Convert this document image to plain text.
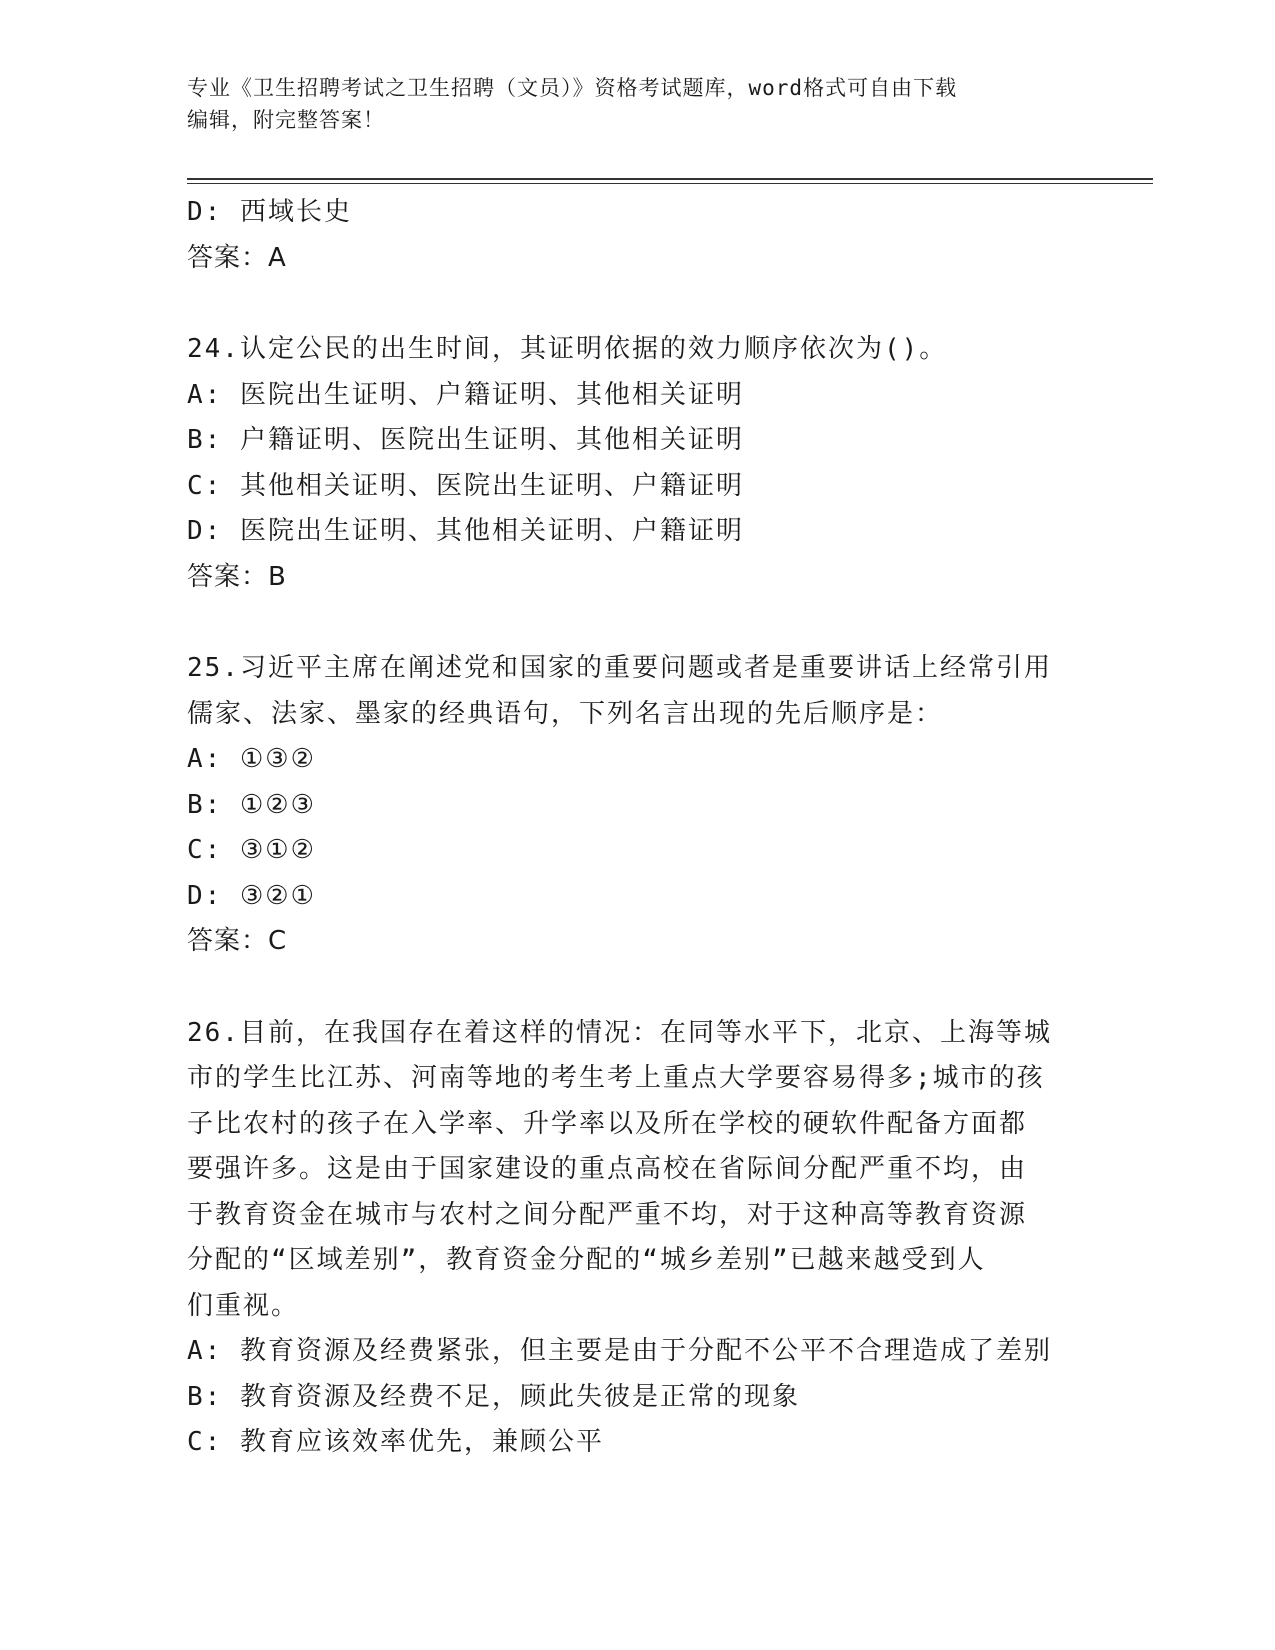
专业《卫生招聘考试之卫生招聘（文员）》资格考试题库，word格式可自由下载
编辑，附完整答案！
D: 西域长史
答案：A
24.认定公民的出生时间，其证明依据的效力顺序依次为()。
A: 医院出生证明、户籍证明、其他相关证明
B: 户籍证明、医院出生证明、其他相关证明
C: 其他相关证明、医院出生证明、户籍证明
D: 医院出生证明、其他相关证明、户籍证明
答案：B
25.习近平主席在阐述党和国家的重要问题或者是重要讲话上经常引用
儒家、法家、墨家的经典语句，下列名言出现的先后顺序是：
A: ①③②
B: ①②③
C: ③①②
D: ③②①
答案：C
26.目前，在我国存在着这样的情况：在同等水平下，北京、上海等城
市的学生比江苏、河南等地的考生考上重点大学要容易得多;城市的孩
子比农村的孩子在入学率、升学率以及所在学校的硬软件配备方面都
要强许多。这是由于国家建设的重点高校在省际间分配严重不均，由
于教育资金在城市与农村之间分配严重不均，对于这种高等教育资源
分配的“区域差别”，教育资金分配的“城乡差别”已越来越受到人
们重视。
A: 教育资源及经费紧张，但主要是由于分配不公平不合理造成了差别
B: 教育资源及经费不足，顾此失彼是正常的现象
C: 教育应该效率优先，兼顾公平
